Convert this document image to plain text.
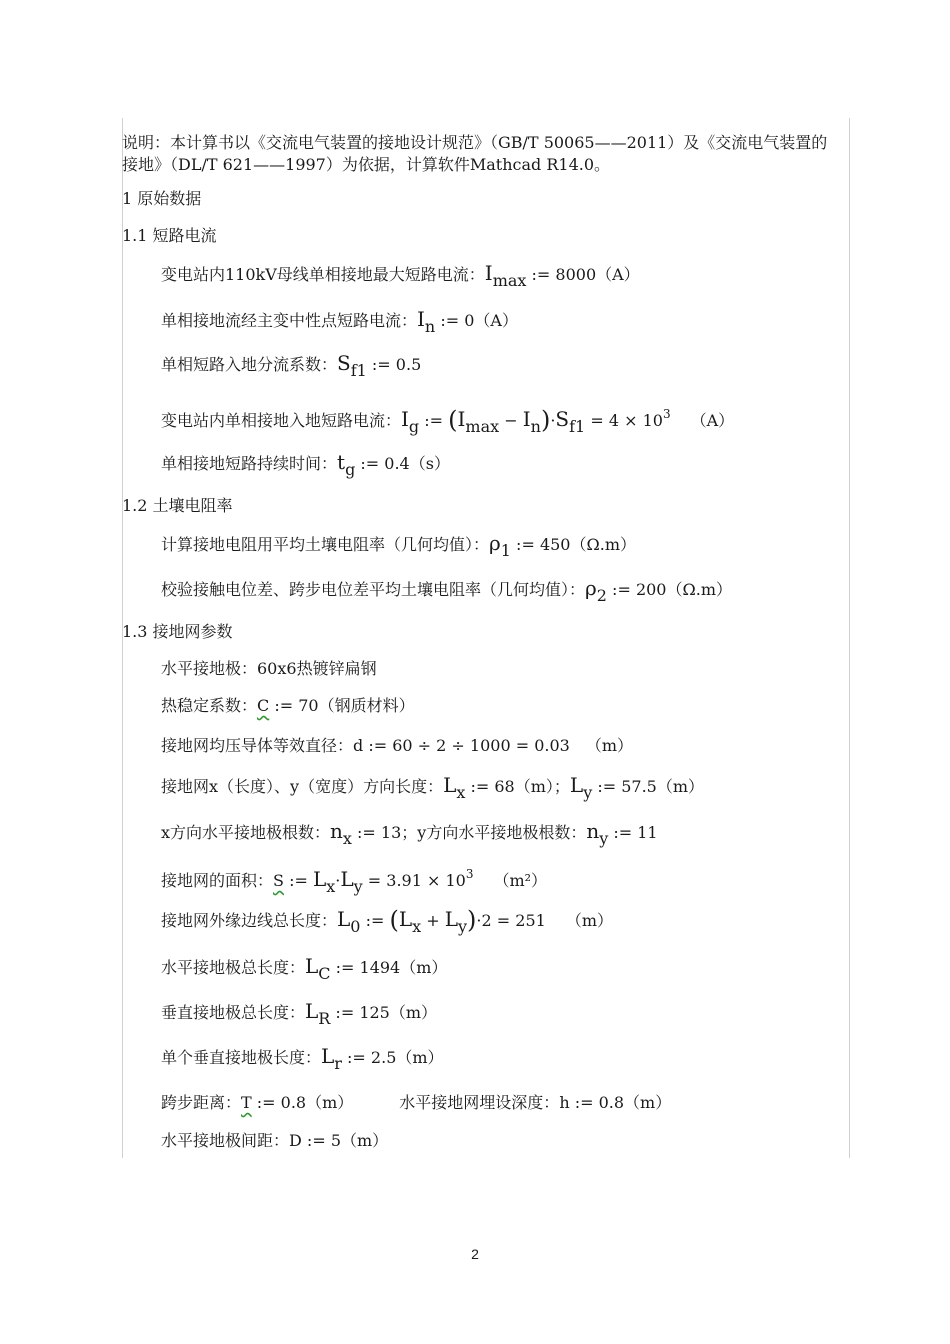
说明：本计算书以《交流电气装置的接地设计规范》（GB/T 50065——2011）及《交流电气装置的接地》（DL/T 621——1997）为依据，计算软件Mathcad R14.0。
1 原始数据
1.1 短路电流
变电站内110kV母线单相接地最大短路电流：Imax := 8000（A）
单相接地流经主变中性点短路电流：In := 0（A）
单相短路入地分流系数：Sf1 := 0.5
变电站内单相接地入地短路电流：Ig := $(Imax - In)\cdot Sf1 = 4 \times 10^3$ （A）
单相接地短路持续时间：tg := 0.4（s）
1.2 土壤电阻率
计算接地电阻用平均土壤电阻率（几何均值）：ρ1 := 450（Ω.m）
校验接触电位差、跨步电位差平均土壤电阻率（几何均值）：ρ2 := 200（Ω.m）
1.3 接地网参数
水平接地极：60x6热镀锌扁钢
热稳定系数：C := 70（钢质材料）
接地网均压导体等效直径：d := 60 ÷ 2 ÷ 1000 = 0.03 （m）
接地网x（长度）、y（宽度）方向长度：Lx := 68（m）；Ly := 57.5（m）
x方向水平接地极根数：nx := 13；y方向水平接地极根数：ny := 11
接地网的面积：S := $Lx\cdot Ly = 3.91 \times 10^3$ （m²）
接地网外缘边线总长度：L0 := (Lx + Ly)·2 = 251 （m）
水平接地极总长度：LC := 1494（m）
垂直接地极总长度：LR := 125（m）
单个垂直接地极长度：Lr := 2.5（m）
跨步距离：T := 0.8（m）	水平接地网埋设深度：h := 0.8（m）
水平接地极间距：D := 5（m）
2
